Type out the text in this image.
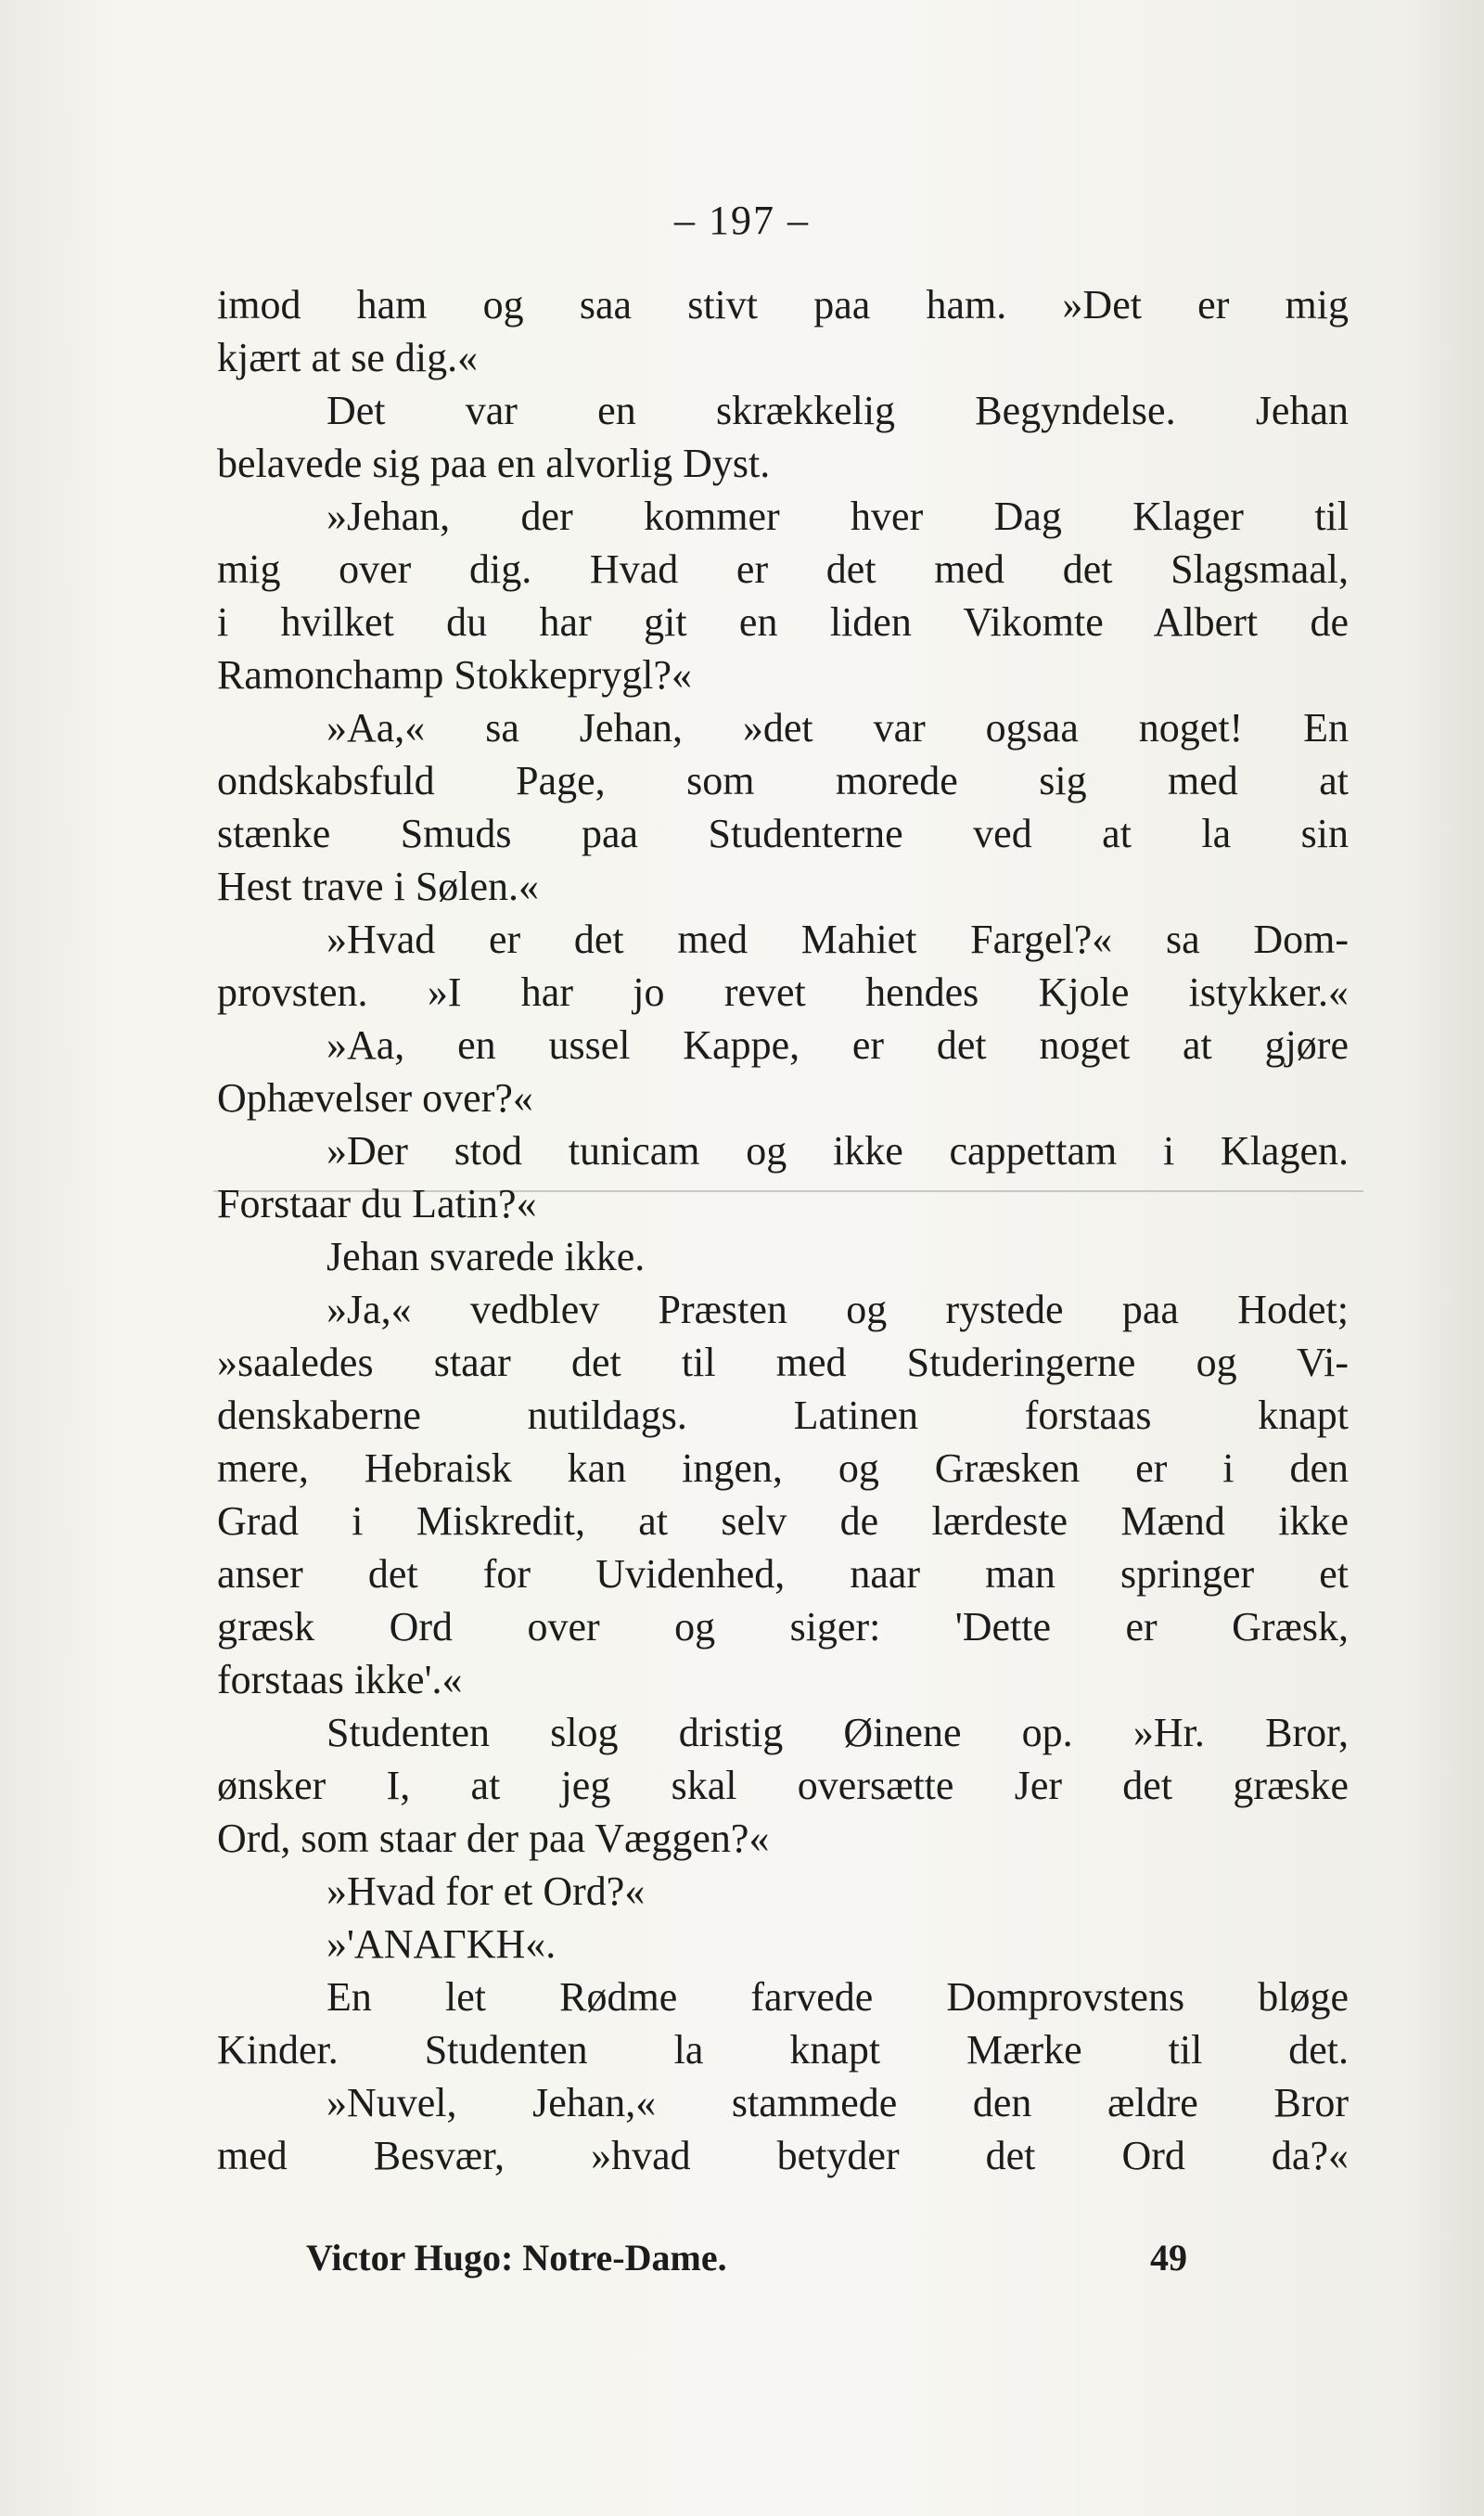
– 197 –
imod ham og saa stivt paa ham. »Det er mig
kjært at se dig.«
Det var en skrækkelig Begyndelse. Jehan
belavede sig paa en alvorlig Dyst.
»Jehan, der kommer hver Dag Klager til
mig over dig. Hvad er det med det Slagsmaal,
i hvilket du har git en liden Vikomte Albert de
Ramonchamp Stokkeprygl?«
»Aa,« sa Jehan, »det var ogsaa noget! En
ondskabsfuld Page, som morede sig med at
stænke Smuds paa Studenterne ved at la sin
Hest trave i Sølen.«
»Hvad er det med Mahiet Fargel?« sa Dom-
provsten. »I har jo revet hendes Kjole istykker.«
»Aa, en ussel Kappe, er det noget at gjøre
Ophævelser over?«
»Der stod tunicam og ikke cappettam i Klagen.
Forstaar du Latin?«
Jehan svarede ikke.
»Ja,« vedblev Præsten og rystede paa Hodet;
»saaledes staar det til med Studeringerne og Vi-
denskaberne nutildags. Latinen forstaas knapt
mere, Hebraisk kan ingen, og Græsken er i den
Grad i Miskredit, at selv de lærdeste Mænd ikke
anser det for Uvidenhed, naar man springer et
græsk Ord over og siger: 'Dette er Græsk,
forstaas ikke'.«
Studenten slog dristig Øinene op. »Hr. Bror,
ønsker I, at jeg skal oversætte Jer det græske
Ord, som staar der paa Væggen?«
»Hvad for et Ord?«
»'ΑΝΑΓΚΗ«.
En let Rødme farvede Domprovstens bløge
Kinder. Studenten la knapt Mærke til det.
»Nuvel, Jehan,« stammede den ældre Bror
med Besvær, »hvad betyder det Ord da?«
Victor Hugo: Notre-Dame.	49
